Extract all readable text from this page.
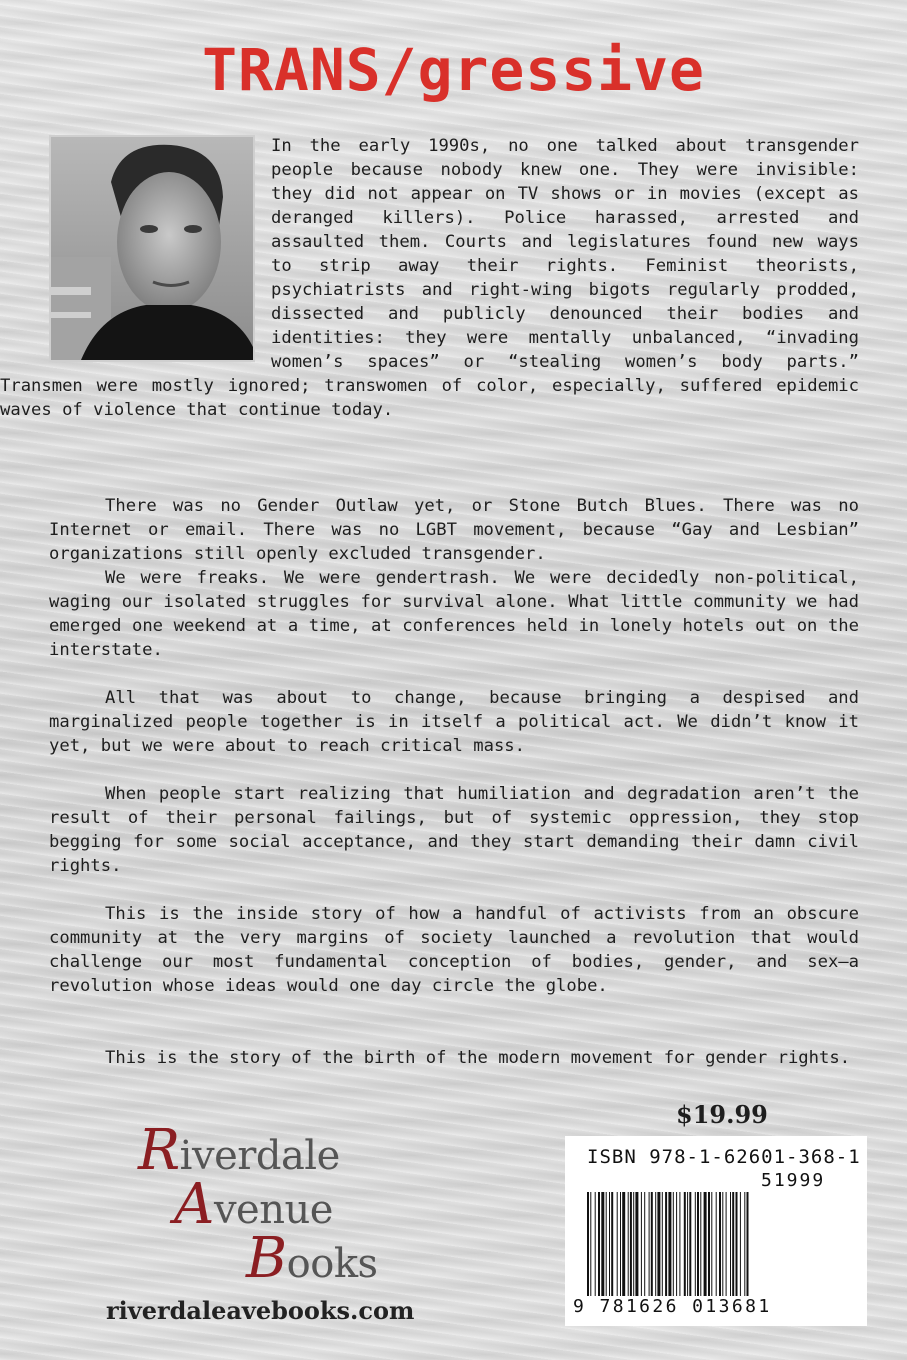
TRANS/gressive

In the early 1990s, no one talked about transgender people because nobody knew one. They were invisible: they did not appear on TV shows or in movies (except as deranged killers). Police harassed, arrested and assaulted them. Courts and legislatures found new ways to strip away their rights. Feminist theorists, psychiatrists and right-wing bigots regularly prodded, dissected and publicly denounced their bodies and identities: they were mentally unbalanced, “invading women’s spaces” or “stealing women’s body parts.” Transmen were mostly ignored; transwomen of color, especially, suffered epidemic waves of violence that continue today.

There was no Gender Outlaw yet, or Stone Butch Blues. There was no Internet or email. There was no LGBT movement, because “Gay and Lesbian” organizations still openly excluded transgender.

We were freaks. We were gendertrash. We were decidedly non-political, waging our isolated struggles for survival alone. What little community we had emerged one weekend at a time, at conferences held in lonely hotels out on the interstate.

All that was about to change, because bringing a despised and marginalized people together is in itself a political act. We didn’t know it yet, but we were about to reach critical mass.

When people start realizing that humiliation and degradation aren’t the result of their personal failings, but of systemic oppression, they stop begging for some social acceptance, and they start demanding their damn civil rights.

This is the inside story of how a handful of activists from an obscure community at the very margins of society launched a revolution that would challenge our most fundamental conception of bodies, gender, and sex—a revolution whose ideas would one day circle the globe.

This is the story of the birth of the modern movement for gender rights.

$19.99

Riverdale
Avenue
Books

riverdaleavebooks.com

ISBN 978-1-62601-368-1
51999
9 781626 013681
